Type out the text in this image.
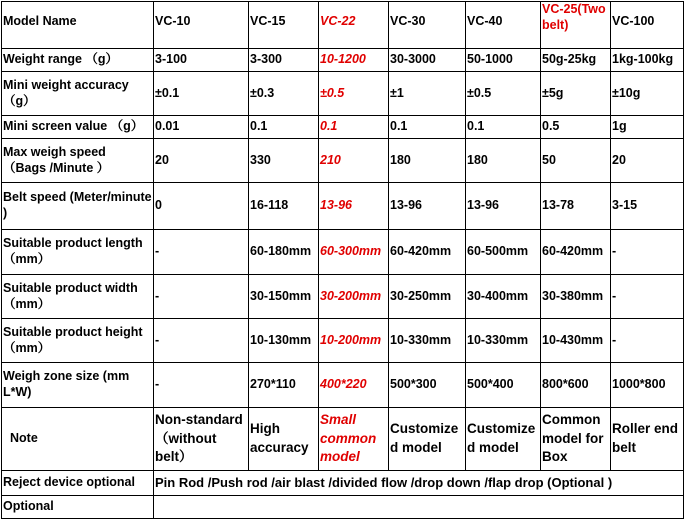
Model Name	VC-10	VC-15	VC-22	VC-30	VC-40	VC-25(Two belt)	VC-100
Weight range （g）	3-100	3-300	10-1200	30-3000	50-1000	50g-25kg	1kg-100kg
Mini weight accuracy （g）	±0.1	±0.3	±0.5	±1	±0.5	±5g	±10g
Mini screen value （g）	0.01	0.1	0.1	0.1	0.1	0.5	1g
Max weigh speed （Bags /Minute ）	20	330	210	180	180	50	20
Belt speed (Meter/minute )	0	16-118	13-96	13-96	13-96	13-78	3-15
Suitable product length （mm）	-	60-180mm	60-300mm	60-420mm	60-500mm	60-420mm	-
Suitable product width （mm）	-	30-150mm	30-200mm	30-250mm	30-400mm	30-380mm	-
Suitable product height （mm）	-	10-130mm	10-200mm	10-330mm	10-330mm	10-430mm	-
Weigh zone size (mm L*W)	-	270*110	400*220	500*300	500*400	800*600	1000*800
Note	Non-standard （without belt）	High accuracy	Small common model	Customized model	Customized model	Common model for Box	Roller end belt
Reject device optional	Pin Rod /Push rod /air blast /divided flow /drop down /flap drop (Optional )						
Optional							
